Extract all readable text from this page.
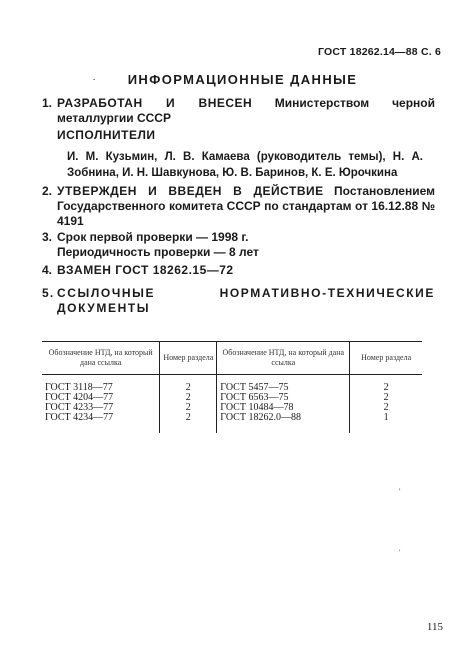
ГОСТ 18262.14—88 С. 6
.	ИНФОРМАЦИОННЫЕ ДАННЫЕ
1. РАЗРАБОТАН И ВНЕСЕН Министерством черной металлургии СССР
ИСПОЛНИТЕЛИ
И. М. Кузьмин, Л. В. Камаева (руководитель темы), Н. А. Зобнина, И. Н. Шавкунова, Ю. В. Баринов, К. Е. Юрочкина
2. УТВЕРЖДЕН И ВВЕДЕН В ДЕЙСТВИЕ Постановлением Государственного комитета СССР по стандартам от 16.12.88 № 4191
3. Срок первой проверки — 1998 г.
Периодичность проверки — 8 лет
4. ВЗАМЕН ГОСТ 18262.15—72
5. ССЫЛОЧНЫЕ НОРМАТИВНО-ТЕХНИЧЕСКИЕ ДОКУМЕНТЫ
Обозначение НТД, на который дана ссылка	Номер раздела	Обозначение НТД, на который дана ссылка	Номер раздела
ГОСТ 3118—77	2	ГОСТ 5457—75	2
ГОСТ 4204—77	2	ГОСТ 6563—75	2
ГОСТ 4233—77	2	ГОСТ 10484—78	2
ГОСТ 4234—77	2	ГОСТ 18262.0—88	1
'
'
115
